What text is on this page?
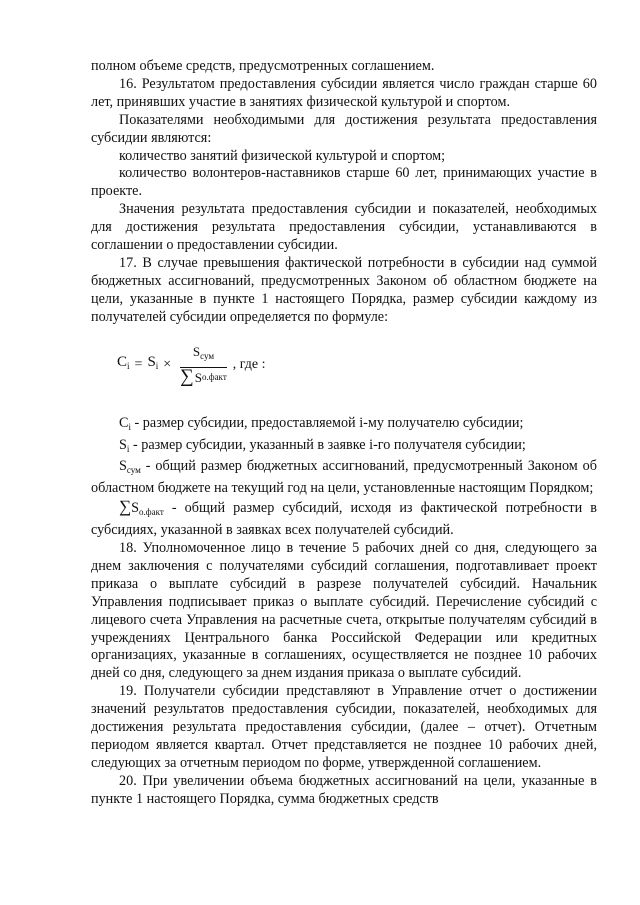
полном объеме средств, предусмотренных соглашением.

16. Результатом предоставления субсидии является число граждан старше 60 лет, принявших участие в занятиях физической культурой и спортом.

Показателями необходимыми для достижения результата предоставления субсидии являются:

количество занятий физической культурой и спортом;

количество волонтеров-наставников старше 60 лет, принимающих участие в проекте.

Значения результата предоставления субсидии и показателей, необходимых для достижения результата предоставления субсидии, устанавливаются в соглашении о предоставлении субсидии.

17. В случае превышения фактической потребности в субсидии над суммой бюджетных ассигнований, предусмотренных Законом об областном бюджете на цели, указанные в пункте 1 настоящего Порядка, размер субсидии каждому из получателей субсидии определяется по формуле:

$C_i = S_i \times \frac{S_{сум}}{\text{∑ S о.факт}}$ , где :

$C_i$ - размер субсидии, предоставляемой i-му получателю субсидии;

$S_i$ - размер субсидии, указанный в заявке i-го получателя субсидии;

$S_{сум}$ - общий размер бюджетных ассигнований, предусмотренный Законом об областном бюджете на текущий год на цели, установленные настоящим Порядком;

$\sum S_{о.факт}$ - общий размер субсидий, исходя из фактической потребности в субсидиях, указанной в заявках всех получателей субсидий.

18. Уполномоченное лицо в течение 5 рабочих дней со дня, следующего за днем заключения с получателями субсидий соглашения, подготавливает проект приказа о выплате субсидий в разрезе получателей субсидий. Начальник Управления подписывает приказ о выплате субсидий. Перечисление субсидий с лицевого счета Управления на расчетные счета, открытые получателям субсидий в учреждениях Центрального банка Российской Федерации или кредитных организациях, указанные в соглашениях, осуществляется не позднее 10 рабочих дней со дня, следующего за днем издания приказа о выплате субсидий.

19. Получатели субсидии представляют в Управление отчет о достижении значений результатов предоставления субсидии, показателей, необходимых для достижения результата предоставления субсидии, (далее – отчет). Отчетным периодом является квартал. Отчет представляется не позднее 10 рабочих дней, следующих за отчетным периодом по форме, утвержденной соглашением.

20. При увеличении объема бюджетных ассигнований на цели, указанные в пункте 1 настоящего Порядка, сумма бюджетных средств
